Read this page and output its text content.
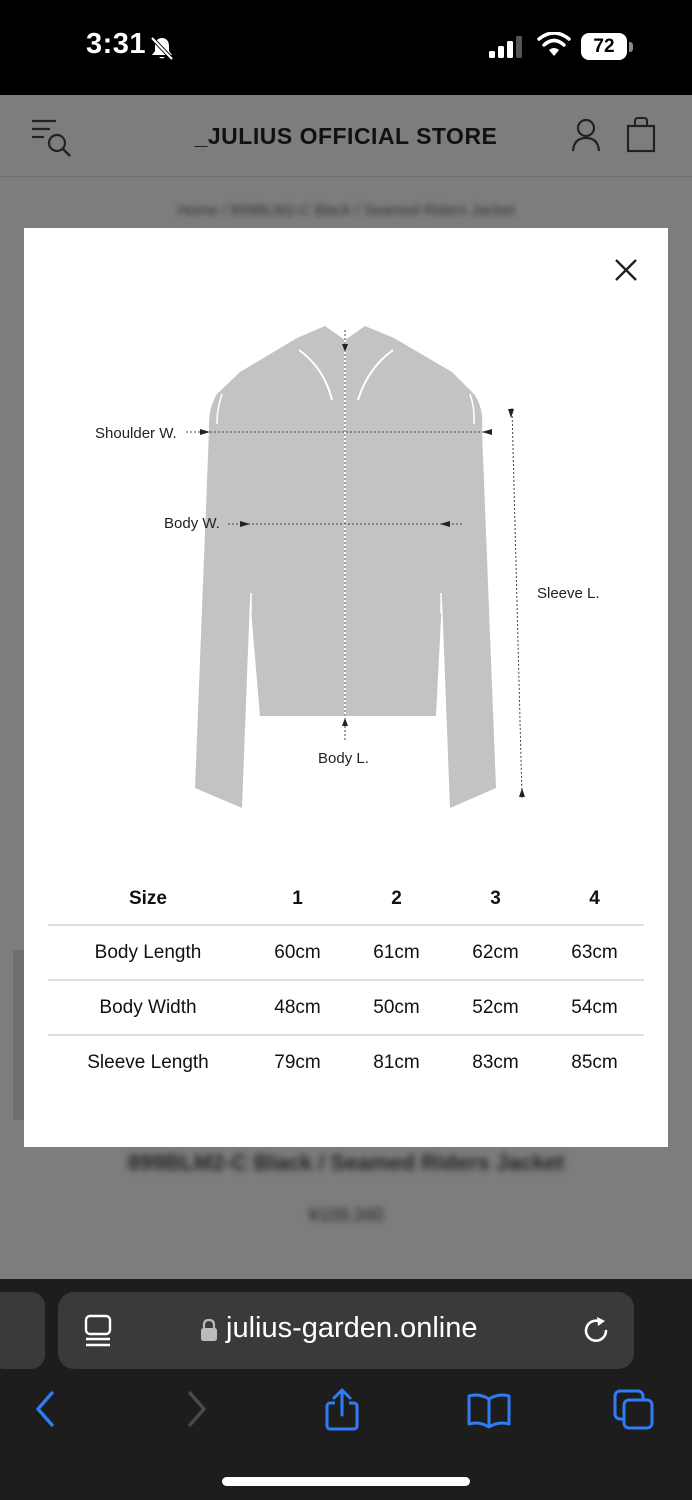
3:31	72
_JULIUS OFFICIAL STORE
Home / 899BLM2-C Black / Seamed Riders Jacket
899BLM2-C Black / Seamed Riders Jacket
¥109,340
Shoulder W.
Body W.
Sleeve L.
Body L.
Size	1	2	3	4
Body Length	60cm	61cm	62cm	63cm
Body Width	48cm	50cm	52cm	54cm
Sleeve Length	79cm	81cm	83cm	85cm
julius-garden.online
